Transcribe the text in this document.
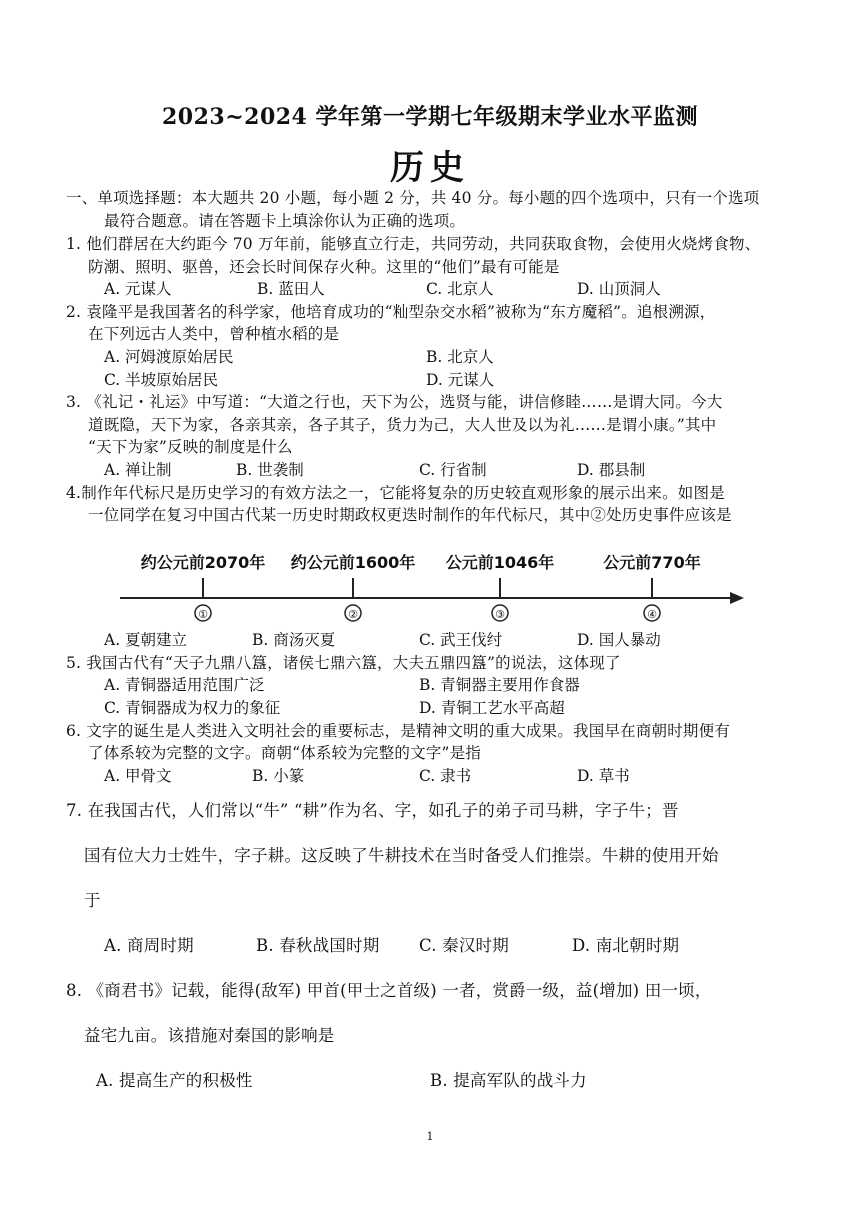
2023~2024 学年第一学期七年级期末学业水平监测
历史
一、单项选择题：本大题共 20 小题，每小题 2 分，共 40 分。每小题的四个选项中，只有一个选项
最符合题意。请在答题卡上填涂你认为正确的选项。
1. 他们群居在大约距今 70 万年前，能够直立行走，共同劳动，共同获取食物，会使用火烧烤食物、
防潮、照明、驱兽，还会长时间保存火种。这里的“他们”最有可能是
A. 元谋人	B. 蓝田人	C. 北京人	D. 山顶洞人
2. 袁隆平是我国著名的科学家，他培育成功的“籼型杂交水稻”被称为“东方魔稻”。追根溯源，
在下列远古人类中，曾种植水稻的是
A. 河姆渡原始居民	B. 北京人
C. 半坡原始居民	D. 元谋人
3. 《礼记・礼运》中写道：“大道之行也，天下为公，选贤与能，讲信修睦……是谓大同。今大
道既隐，天下为家，各亲其亲，各子其子，货力为己，大人世及以为礼……是谓小康。”其中
“天下为家”反映的制度是什么
A. 禅让制	B. 世袭制	C. 行省制	D. 郡县制
4.制作年代标尺是历史学习的有效方法之一，它能将复杂的历史较直观形象的展示出来。如图是
一位同学在复习中国古代某一历史时期政权更迭时制作的年代标尺，其中②处历史事件应该是
约公元前2070年 约公元前1600年 公元前1046年	公元前770年
①	②	③	④
A. 夏朝建立	B. 商汤灭夏	C. 武王伐纣	D. 国人暴动
5. 我国古代有“天子九鼎八簋，诸侯七鼎六簋，大夫五鼎四簋”的说法，这体现了
A. 青铜器适用范围广泛	B. 青铜器主要用作食器
C. 青铜器成为权力的象征	D. 青铜工艺水平高超
6. 文字的诞生是人类进入文明社会的重要标志，是精神文明的重大成果。我国早在商朝时期便有
了体系较为完整的文字。商朝“体系较为完整的文字”是指
A. 甲骨文	B. 小篆	C. 隶书	D. 草书
7. 在我国古代，人们常以“牛” “耕”作为名、字，如孔子的弟子司马耕，字子牛；晋
国有位大力士姓牛，字子耕。这反映了牛耕技术在当时备受人们推崇。牛耕的使用开始
于
A. 商周时期	B. 春秋战国时期 C. 秦汉时期	D. 南北朝时期
8. 《商君书》记载，能得(敌军) 甲首(甲士之首级) 一者，赏爵一级，益(增加) 田一顷，
益宅九亩。该措施对秦国的影响是
A. 提高生产的积极性	B. 提高军队的战斗力
1
